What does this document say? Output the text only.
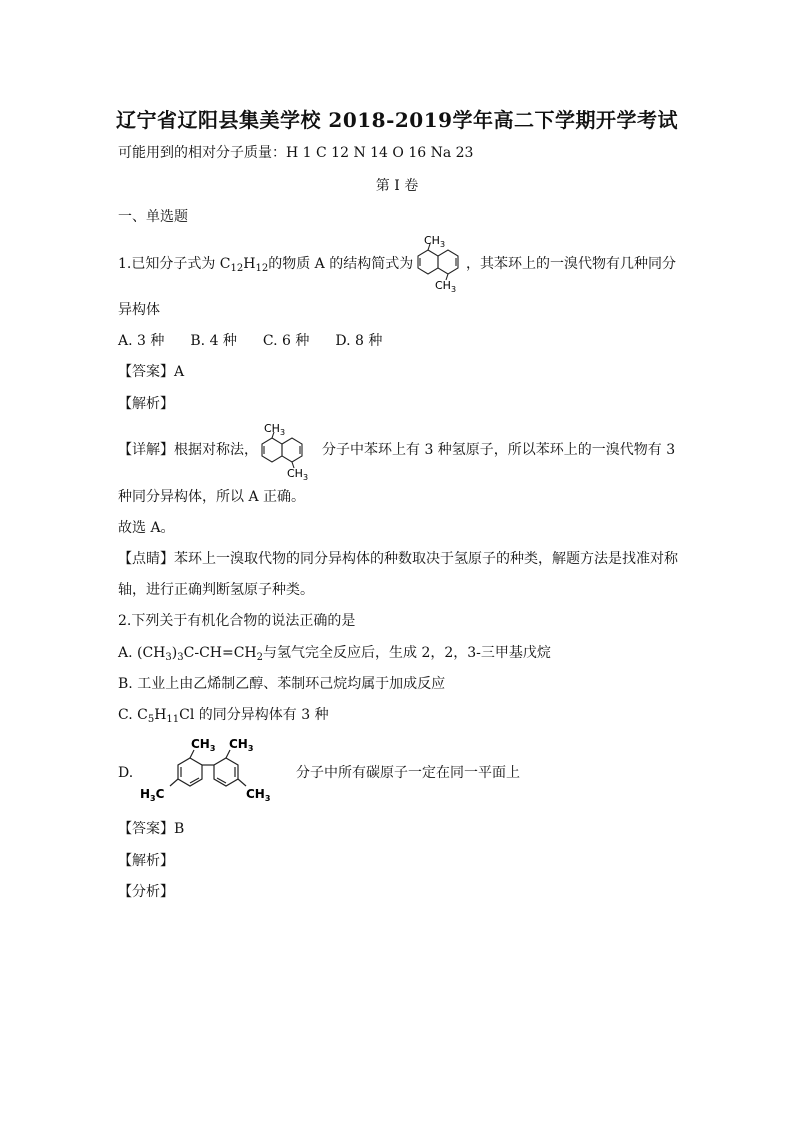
辽宁省辽阳县集美学校 2018-2019学年高二下学期开学考试
可能用到的相对分子质量：H 1 C 12 N 14 O 16 Na 23
第 I 卷
一、单选题
1.已知分子式为 $C_{12}H_{12}$的物质 A 的结构简式为
$CH_3$
$CH_3$
，其苯环上的一溴代物有几种同分
异构体
A. 3 种 B. 4 种 C. 6 种 D. 8 种
【答案】A
【解析】
【详解】根据对称法，
$CH_3$
$CH_3$
分子中苯环上有 3 种氢原子，所以苯环上的一溴代物有 3
种同分异构体，所以 A 正确。
故选 A。
【点睛】苯环上一溴取代物的同分异构体的种数取决于氢原子的种类，解题方法是找准对称
轴，进行正确判断氢原子种类。
2.下列关于有机化合物的说法正确的是
A. $(CH_3)_3C-CH=CH_2$与氢气完全反应后，生成 2，2，3-三甲基戊烷
B. 工业上由乙烯制乙醇、苯制环己烷均属于加成反应
C. $C_5H_{11}Cl$ 的同分异构体有 3 种
D.
$CH_3$ $CH_3$
$H_3C$	$CH_3$
分子中所有碳原子一定在同一平面上
【答案】B
【解析】
【分析】
